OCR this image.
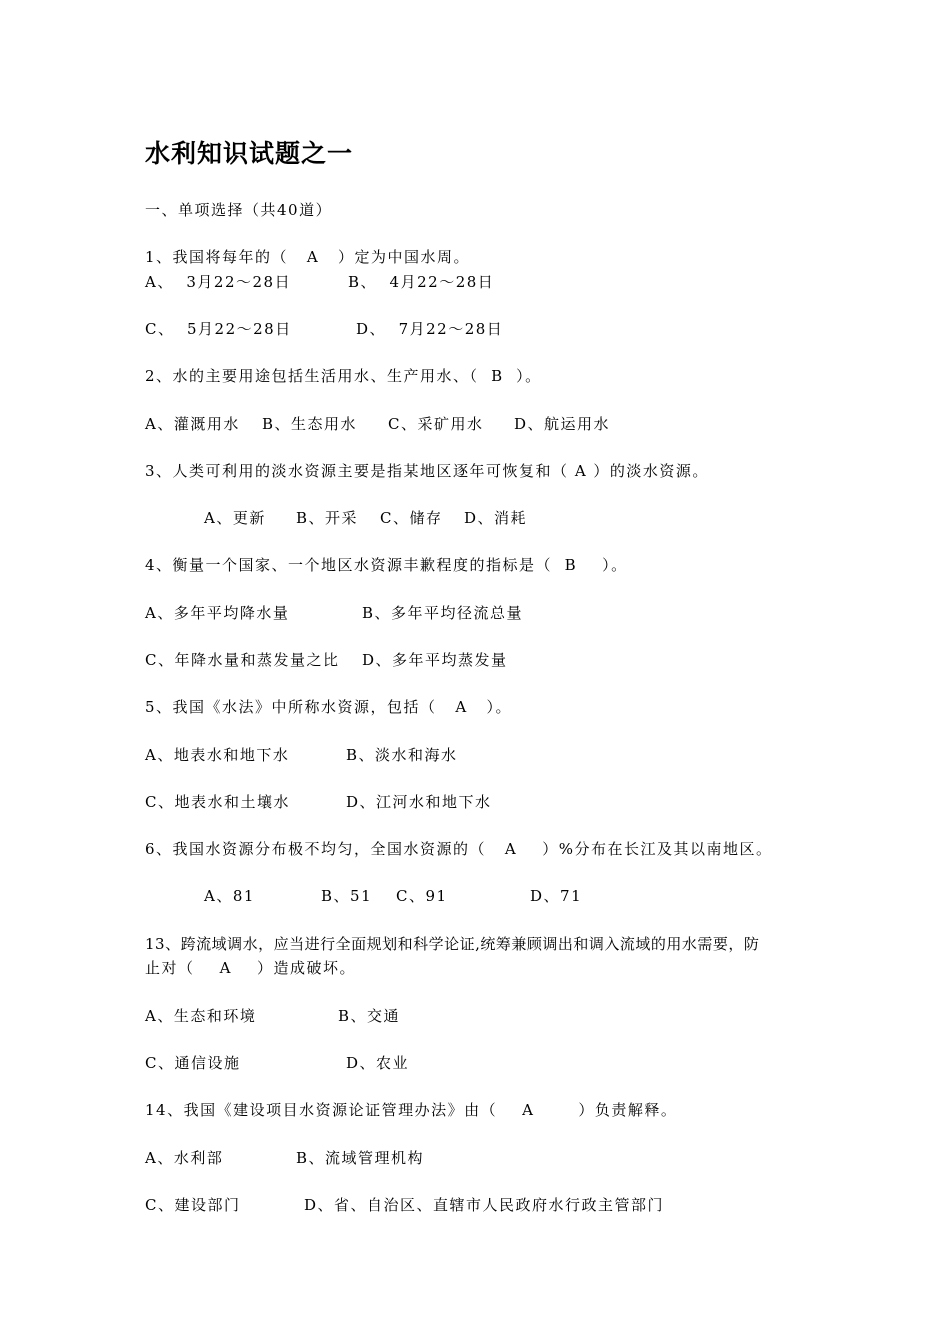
水利知识试题之一
一、单项选择（共40道）
1、我国将每年的（   A   ）定为中国水周。
A、  3月22～28日	B、  4月22～28日
C、  5月22～28日	D、  7月22～28日
2、水的主要用途包括生活用水、生产用水、（  B  ）。
A、灌溉用水 B、生态用水 C、采矿用水 D、航运用水
3、人类可利用的淡水资源主要是指某地区逐年可恢复和（ A ）的淡水资源。
A、更新 B、开采 C、储存 D、消耗
4、衡量一个国家、一个地区水资源丰歉程度的指标是（  B    ）。
A、多年平均降水量	B、多年平均径流总量
C、年降水量和蒸发量之比 D、多年平均蒸发量
5、我国《水法》中所称水资源，包括（   A   ）。
A、地表水和地下水	B、淡水和海水
C、地表水和土壤水	D、江河水和地下水
6、我国水资源分布极不均匀，全国水资源的（   A    ）%分布在长江及其以南地区。
A、81	B、51 C、91	D、71
13、跨流域调水，应当进行全面规划和科学论证,统筹兼顾调出和调入流域的用水需要，防
止对（    A    ）造成破坏。
A、生态和环境	B、交通
C、通信设施	D、农业
14、我国《建设项目水资源论证管理办法》由（    A       ）负责解释。
A、水利部	B、流域管理机构
C、建设部门	D、省、自治区、直辖市人民政府水行政主管部门
